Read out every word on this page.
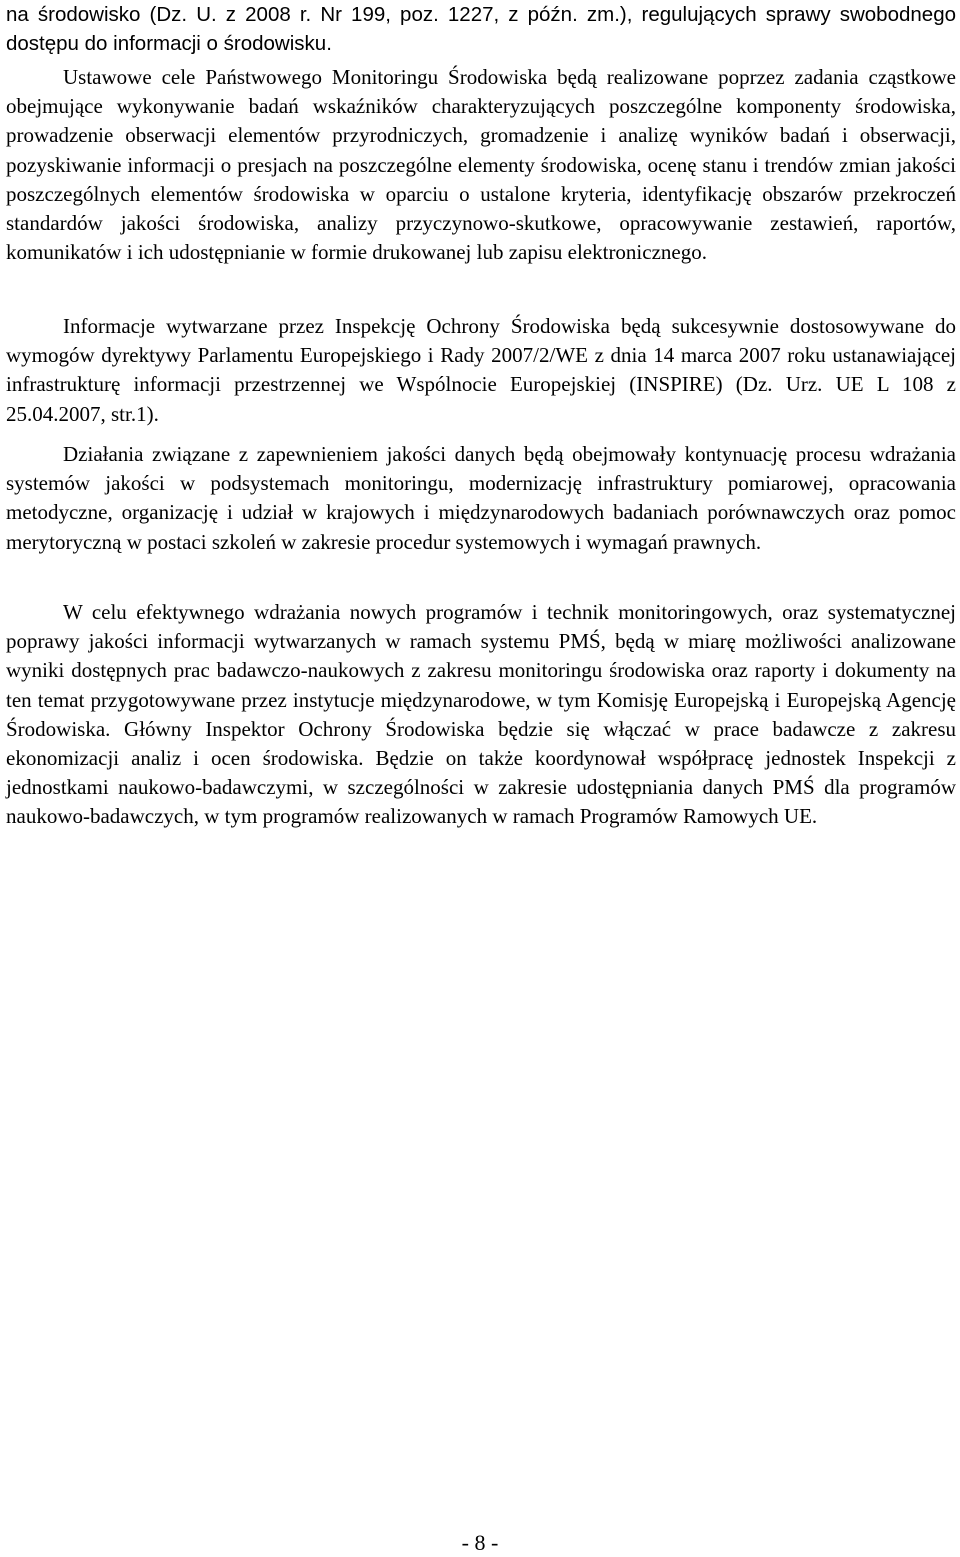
na środowisko (Dz. U. z 2008 r. Nr 199, poz. 1227, z późn. zm.), regulujących sprawy swobodnego dostępu do informacji o środowisku.
Ustawowe cele Państwowego Monitoringu Środowiska będą realizowane poprzez zadania cząstkowe obejmujące wykonywanie badań wskaźników charakteryzujących poszczególne komponenty środowiska, prowadzenie obserwacji elementów przyrodniczych, gromadzenie i analizę wyników badań i obserwacji, pozyskiwanie informacji o presjach na poszczególne elementy środowiska, ocenę stanu i trendów zmian jakości poszczególnych elementów środowiska w oparciu o ustalone kryteria, identyfikację obszarów przekroczeń standardów jakości środowiska, analizy przyczynowo-skutkowe, opracowywanie zestawień, raportów, komunikatów i ich udostępnianie w formie drukowanej lub zapisu elektronicznego.
Informacje wytwarzane przez Inspekcję Ochrony Środowiska będą sukcesywnie dostosowywane do wymogów dyrektywy Parlamentu Europejskiego i Rady 2007/2/WE z dnia 14 marca 2007 roku ustanawiającej infrastrukturę informacji przestrzennej we Wspólnocie Europejskiej (INSPIRE) (Dz. Urz. UE L 108 z 25.04.2007, str.1).
Działania związane z zapewnieniem jakości danych będą obejmowały kontynuację procesu wdrażania systemów jakości w podsystemach monitoringu, modernizację infrastruktury pomiarowej, opracowania metodyczne, organizację i udział w krajowych i międzynarodowych badaniach porównawczych oraz pomoc merytoryczną w postaci szkoleń w zakresie procedur systemowych i wymagań prawnych.
W celu efektywnego wdrażania nowych programów i technik monitoringowych, oraz systematycznej poprawy jakości informacji wytwarzanych w ramach systemu PMŚ, będą w miarę możliwości analizowane wyniki dostępnych prac badawczo-naukowych z zakresu monitoringu środowiska oraz raporty i dokumenty na ten temat przygotowywane przez instytucje międzynarodowe, w tym Komisję Europejską i Europejską Agencję Środowiska. Główny Inspektor Ochrony Środowiska będzie się włączać w prace badawcze z zakresu ekonomizacji analiz i ocen środowiska. Będzie on także koordynował współpracę jednostek Inspekcji z jednostkami naukowo-badawczymi, w szczególności w zakresie udostępniania danych PMŚ dla programów naukowo-badawczych, w tym programów realizowanych w ramach Programów Ramowych UE.
- 8 -
